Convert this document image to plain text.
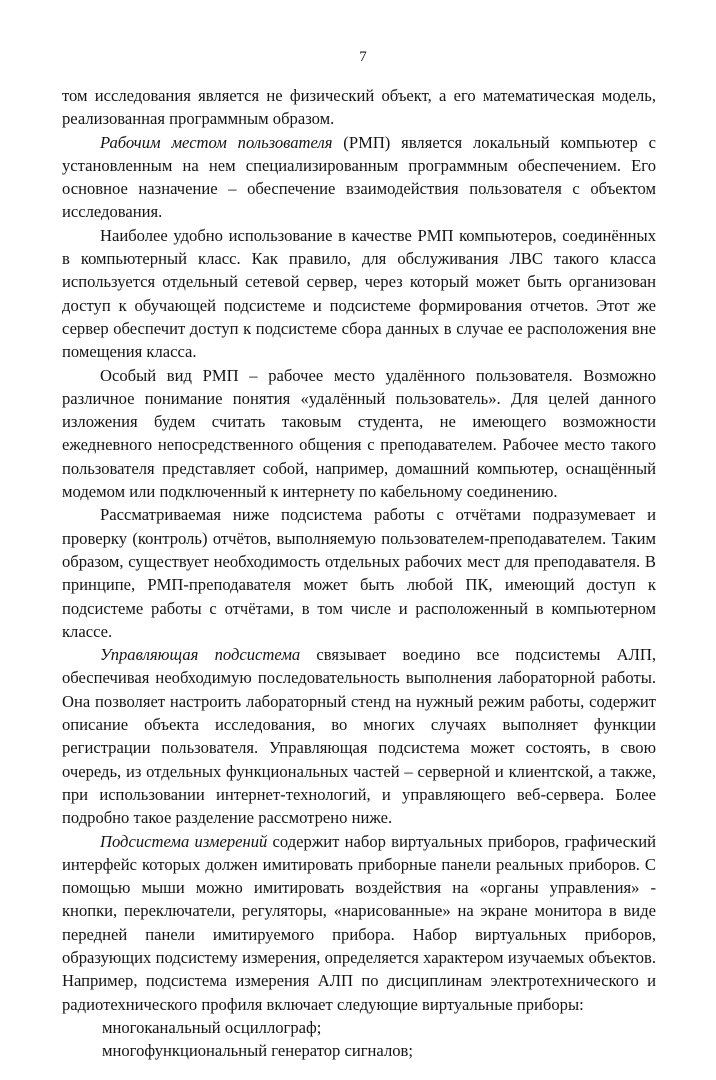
7

том исследования является не физический объект, а его математическая модель, реализованная программным образом.

Рабочим местом пользователя (РМП) является локальный компьютер с установленным на нем специализированным программным обеспечением. Его основное назначение – обеспечение взаимодействия пользователя с объектом исследования.

Наиболее удобно использование в качестве РМП компьютеров, соединённых в компьютерный класс. Как правило, для обслуживания ЛВС такого класса используется отдельный сетевой сервер, через который может быть организован доступ к обучающей подсистеме и подсистеме формирования отчетов. Этот же сервер обеспечит доступ к подсистеме сбора данных в случае ее расположения вне помещения класса.

Особый вид РМП – рабочее место удалённого пользователя. Возможно различное понимание понятия «удалённый пользователь». Для целей данного изложения будем считать таковым студента, не имеющего возможности ежедневного непосредственного общения с преподавателем. Рабочее место такого пользователя представляет собой, например, домашний компьютер, оснащённый модемом или подключенный к интернету по кабельному соединению.

Рассматриваемая ниже подсистема работы с отчётами подразумевает и проверку (контроль) отчётов, выполняемую пользователем-преподавателем. Таким образом, существует необходимость отдельных рабочих мест для преподавателя. В принципе, РМП-преподавателя может быть любой ПК, имеющий доступ к подсистеме работы с отчётами, в том числе и расположенный в компьютерном классе.

Управляющая подсистема связывает воедино все подсистемы АЛП, обеспечивая необходимую последовательность выполнения лабораторной работы. Она позволяет настроить лабораторный стенд на нужный режим работы, содержит описание объекта исследования, во многих случаях выполняет функции регистрации пользователя. Управляющая подсистема может состоять, в свою очередь, из отдельных функциональных частей – серверной и клиентской, а также, при использовании интернет-технологий, и управляющего веб-сервера. Более подробно такое разделение рассмотрено ниже.

Подсистема измерений содержит набор виртуальных приборов, графический интерфейс которых должен имитировать приборные панели реальных приборов. С помощью мыши можно имитировать воздействия на «органы управления» - кнопки, переключатели, регуляторы, «нарисованные» на экране монитора в виде передней панели имитируемого прибора. Набор виртуальных приборов, образующих подсистему измерения, определяется характером изучаемых объектов. Например, подсистема измерения АЛП по дисциплинам электротехнического и радиотехнического профиля включает следующие виртуальные приборы:

многоканальный осциллограф;

многофункциональный генератор сигналов;
